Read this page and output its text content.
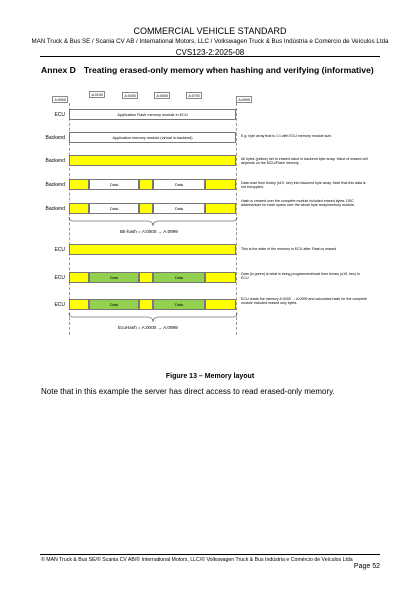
COMMERCIAL VEHICLE STANDARD
MAN Truck & Bus SE / Scania CV AB / International Motors, LLC / Volkswagen Truck & Bus Indústria e Comércio de Veículos Ltda
CVS123-2:2025-08
Annex D Treating erased-only memory when hashing and verifying (informative)
A:0000
A:0100	A:0400	A:0600	A:0700
A:0999
ECU	Application Flash memory module in ECU
Backend	Application memory module (virtual in backend)	E.g. byte array that is 1:1 with ECU memory module size.
Backend	All bytes (yellow) set to erased value in backend byte array. Value of erased cell depends on the MCU/Flash memory.
Backend	Data	Data	Data read from binary (s19, hex) into backend byte array. Note that this data is not encrypted.
Backend	Data	Data
Hash is created over the complete module included erased bytes. DSC address/size for hash spans over the whole byte array/memory module.
Bk-hash = A:0000 → A:0999
ECU	This is the state of the memory in ECU after Flash is erased
ECU	Data	Data
Data (in green) is what is being programmed/read from binary (s19, hex) to ECU.
ECU	Data	Data
ECU reads the memory A:0000 → A:0999 and calculates hash for the complete module included erased only bytes.
EcuHash = A:0000 → A:0999
Figure 13 – Memory layout
Note that in this example the server has direct access to read erased-only memory.
© MAN Truck & Bus SE/© Scania CV AB/© International Motors, LLC/© Volkswagen Truck & Bus Indústria e Comércio de Veículos Ltda
Page 52
